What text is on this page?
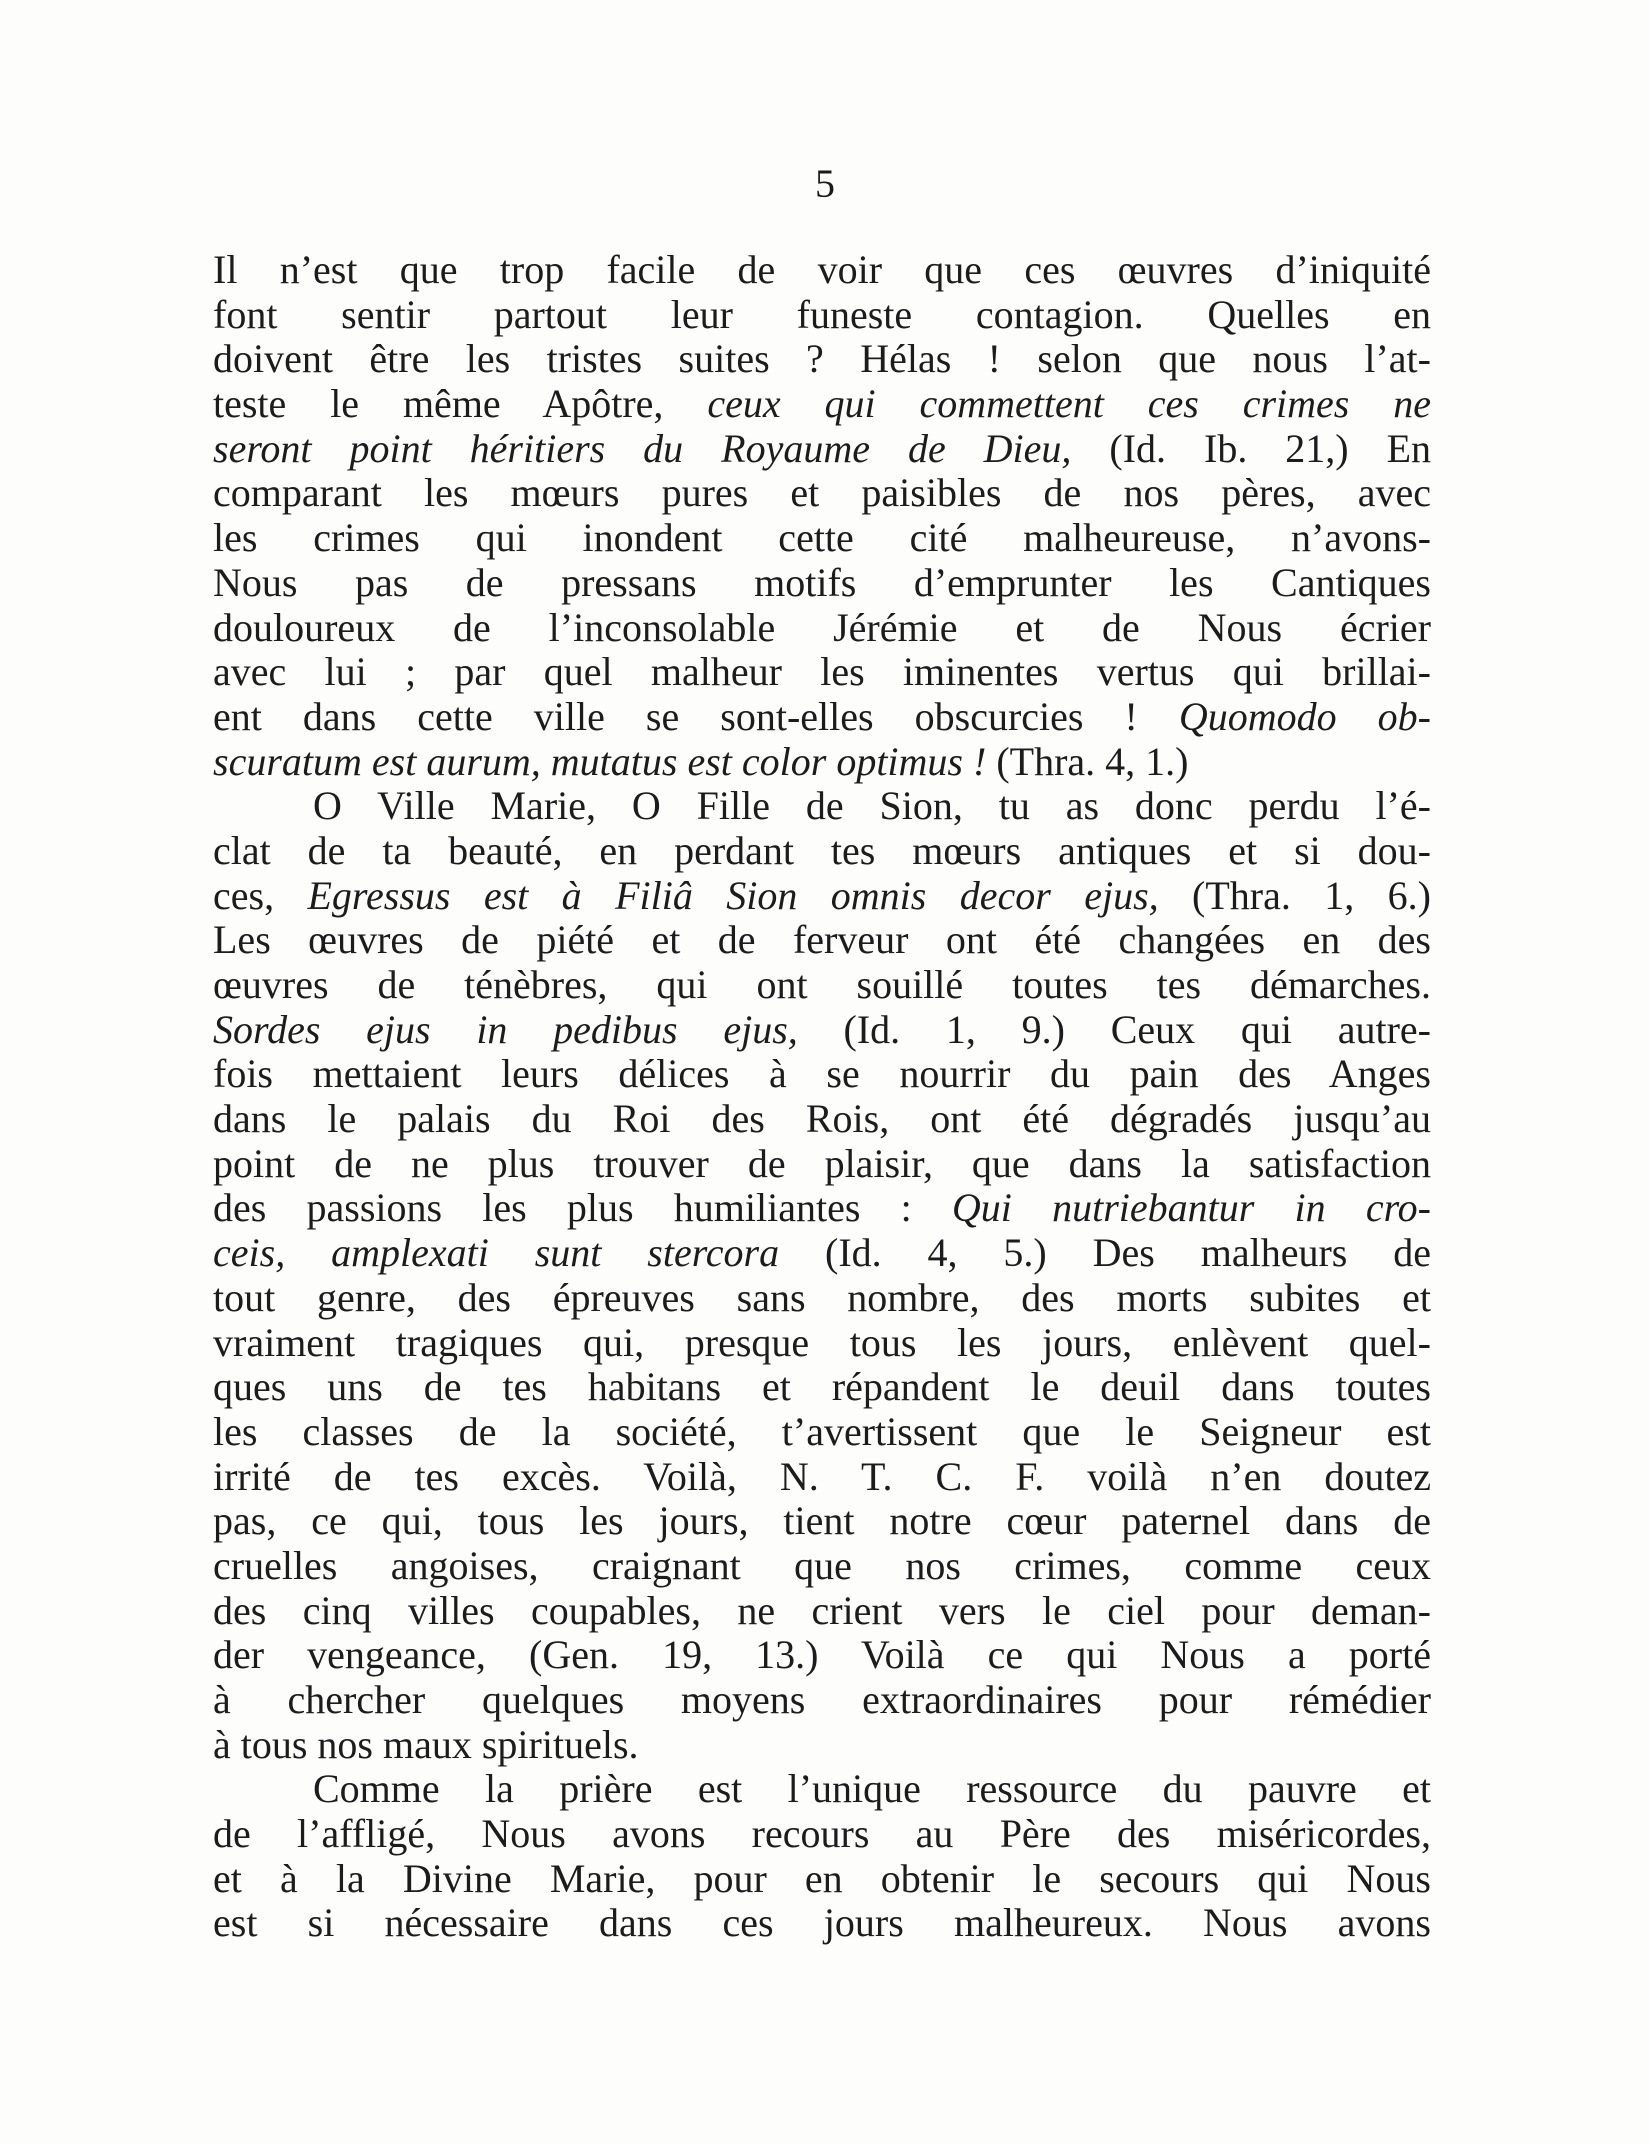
5
Il n’est que trop facile de voir que ces œuvres d’iniquité
font sentir partout leur funeste contagion. Quelles en
doivent être les tristes suites ? Hélas ! selon que nous l’at-
teste le même Apôtre, ceux qui commettent ces crimes ne
seront point héritiers du Royaume de Dieu, (Id. Ib. 21,) En
comparant les mœurs pures et paisibles de nos pères, avec
les crimes qui inondent cette cité malheureuse, n’avons-
Nous pas de pressans motifs d’emprunter les Cantiques
douloureux de l’inconsolable Jérémie et de Nous écrier
avec lui ; par quel malheur les iminentes vertus qui brillai-
ent dans cette ville se sont-elles obscurcies ! Quomodo ob-
scuratum est aurum, mutatus est color optimus ! (Thra. 4, 1.)
O Ville Marie, O Fille de Sion, tu as donc perdu l’é-
clat de ta beauté, en perdant tes mœurs antiques et si dou-
ces, Egressus est à Filiâ Sion omnis decor ejus, (Thra. 1, 6.)
Les œuvres de piété et de ferveur ont été changées en des
œuvres de ténèbres, qui ont souillé toutes tes démarches.
Sordes ejus in pedibus ejus, (Id. 1, 9.) Ceux qui autre-
fois mettaient leurs délices à se nourrir du pain des Anges
dans le palais du Roi des Rois, ont été dégradés jusqu’au
point de ne plus trouver de plaisir, que dans la satisfaction
des passions les plus humiliantes : Qui nutriebantur in cro-
ceis, amplexati sunt stercora (Id. 4, 5.) Des malheurs de
tout genre, des épreuves sans nombre, des morts subites et
vraiment tragiques qui, presque tous les jours, enlèvent quel-
ques uns de tes habitans et répandent le deuil dans toutes
les classes de la société, t’avertissent que le Seigneur est
irrité de tes excès. Voilà, N. T. C. F. voilà n’en doutez
pas, ce qui, tous les jours, tient notre cœur paternel dans de
cruelles angoises, craignant que nos crimes, comme ceux
des cinq villes coupables, ne crient vers le ciel pour deman-
der vengeance, (Gen. 19, 13.) Voilà ce qui Nous a porté
à chercher quelques moyens extraordinaires pour rémédier
à tous nos maux spirituels.
Comme la prière est l’unique ressource du pauvre et
de l’affligé, Nous avons recours au Père des miséricordes,
et à la Divine Marie, pour en obtenir le secours qui Nous
est si nécessaire dans ces jours malheureux. Nous avons
